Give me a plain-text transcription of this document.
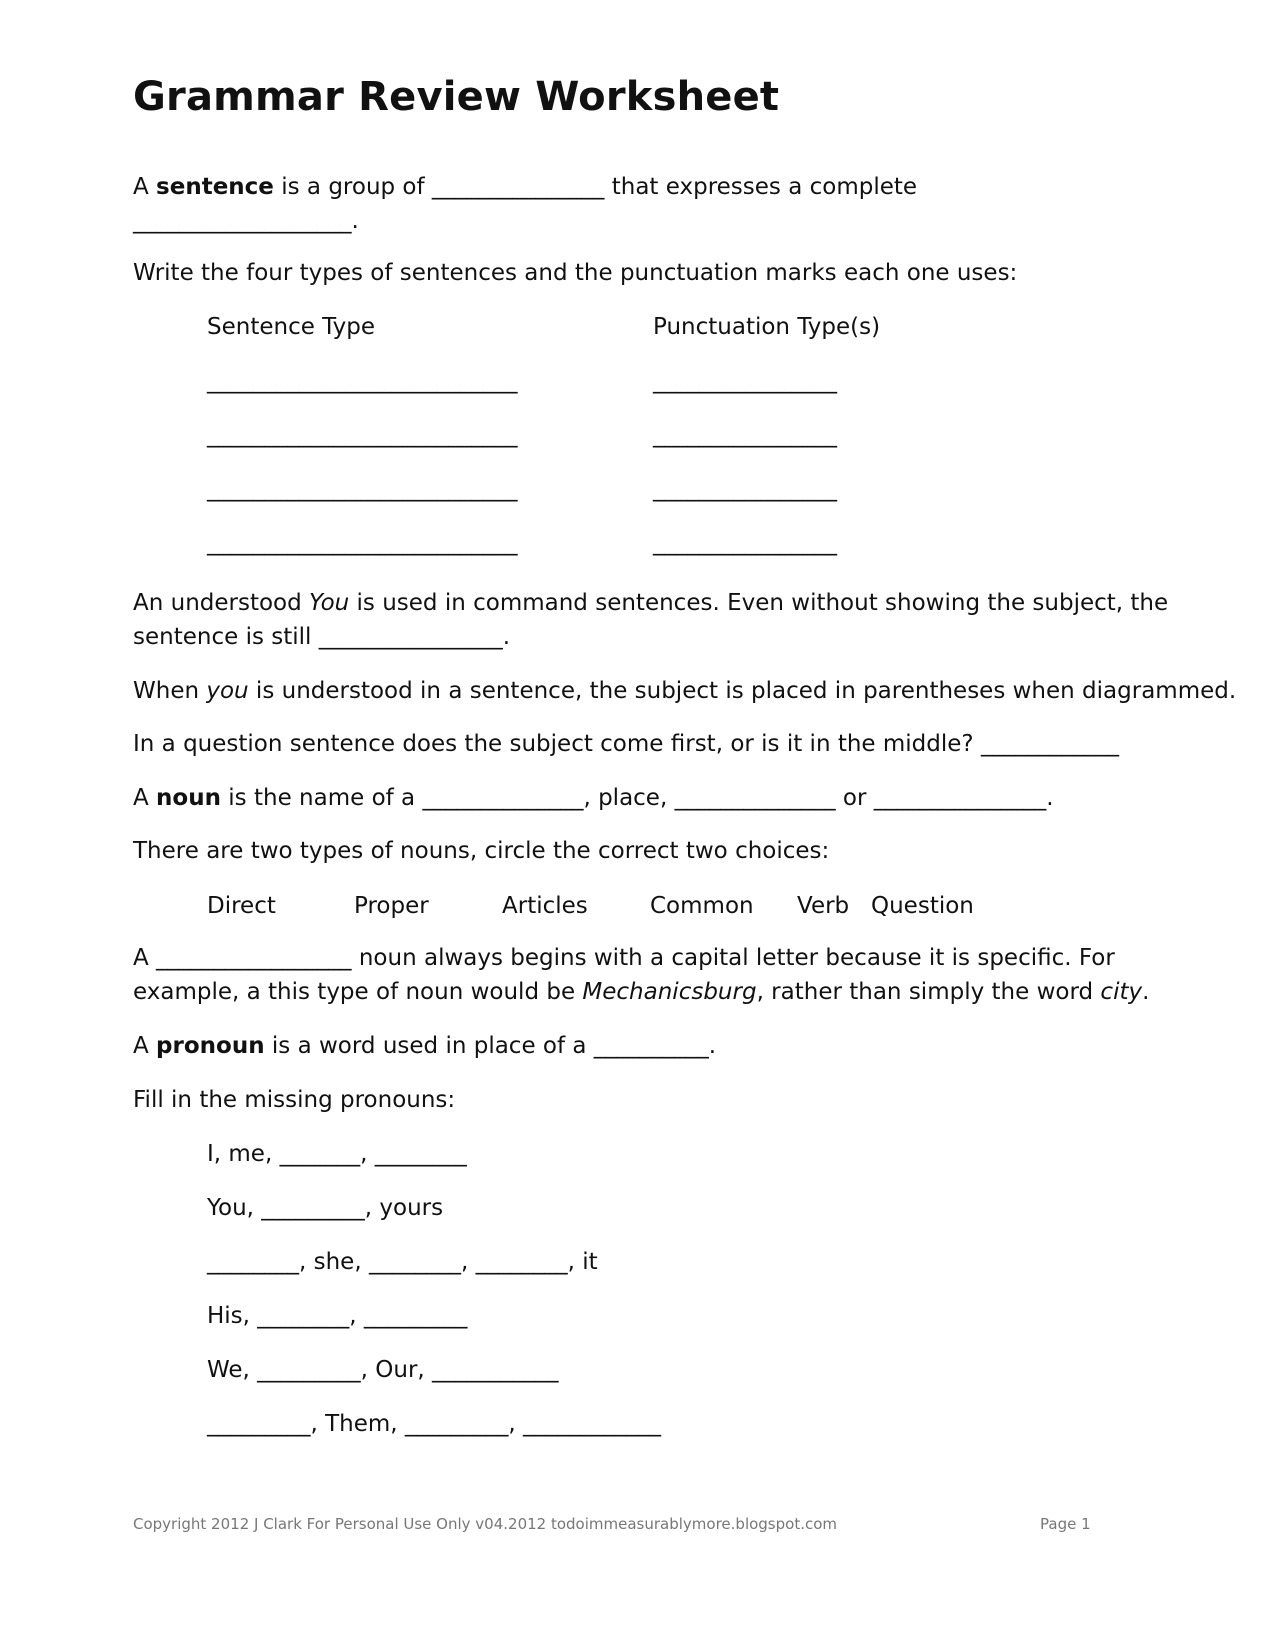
Grammar Review Worksheet
A sentence is a group of _______________ that expresses a complete
___________________.
Write the four types of sentences and the punctuation marks each one uses:
Sentence Type	Punctuation Type(s)
___________________________	________________
___________________________	________________
___________________________	________________
___________________________	________________
An understood You is used in command sentences. Even without showing the subject, the
sentence is still ________________.
When you is understood in a sentence, the subject is placed in parentheses when diagrammed.
In a question sentence does the subject come first, or is it in the middle? ____________
A noun is the name of a ______________, place, ______________ or _______________.
There are two types of nouns, circle the correct two choices:
Direct	Proper	Articles	Common Verb Question
A _________________ noun always begins with a capital letter because it is specific. For
example, a this type of noun would be Mechanicsburg, rather than simply the word city.
A pronoun is a word used in place of a __________.
Fill in the missing pronouns:
I, me, _______, ________
You, _________, yours
________, she, ________, ________, it
His, ________, _________
We, _________, Our, ___________
_________, Them, _________, ____________
Copyright 2012 J Clark For Personal Use Only v04.2012 todoimmeasurablymore.blogspot.com	Page 1
